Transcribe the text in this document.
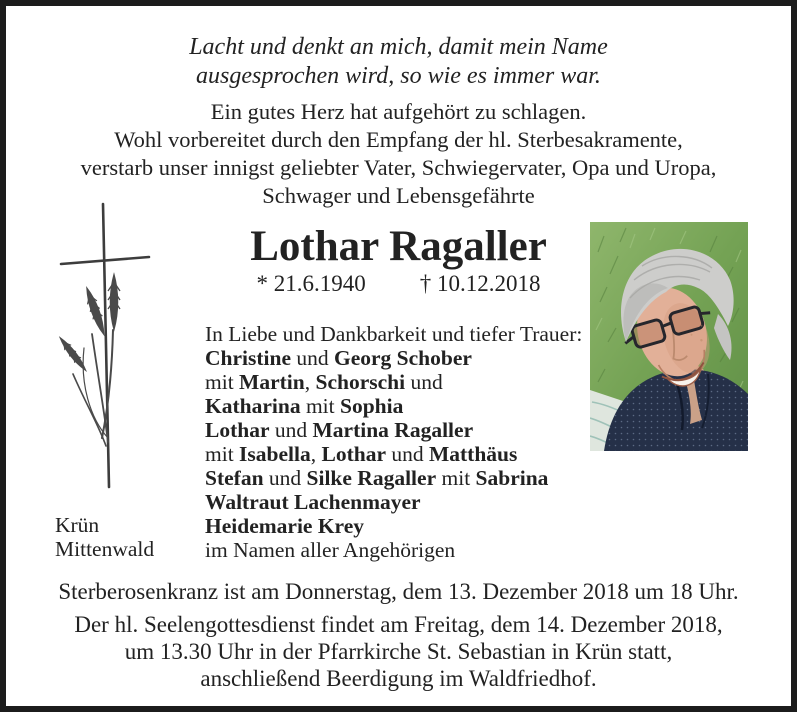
Lacht und denkt an mich, damit mein Name
ausgesprochen wird, so wie es immer war.
Ein gutes Herz hat aufgehört zu schlagen.
Wohl vorbereitet durch den Empfang der hl. Sterbesakramente,
verstarb unser innigst geliebter Vater, Schwiegervater, Opa und Uropa,
Schwager und Lebensgefährte
Lothar Ragaller
* 21.6.1940 † 10.12.2018
In Liebe und Dankbarkeit und tiefer Trauer:
Christine und Georg Schober
mit Martin, Schorschi und
Katharina mit Sophia
Lothar und Martina Ragaller
mit Isabella, Lothar und Matthäus
Stefan und Silke Ragaller mit Sabrina
Waltraut Lachenmayer
Heidemarie Krey
im Namen aller Angehörigen
Krün
Mittenwald
Sterberosenkranz ist am Donnerstag, dem 13. Dezember 2018 um 18 Uhr.
Der hl. Seelengottesdienst findet am Freitag, dem 14. Dezember 2018,
um 13.30 Uhr in der Pfarrkirche St. Sebastian in Krün statt,
anschließend Beerdigung im Waldfriedhof.
